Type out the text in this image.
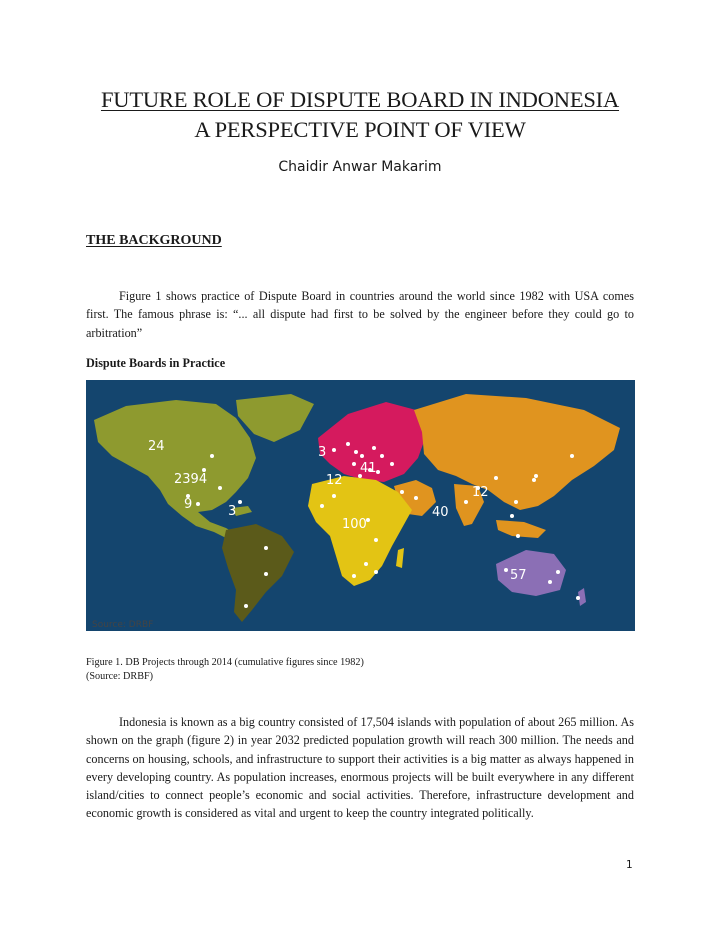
FUTURE ROLE OF DISPUTE BOARD IN INDONESIA
A PERSPECTIVE POINT OF VIEW
Chaidir Anwar Makarim
THE BACKGROUND

Figure 1 shows practice of Dispute Board in countries around the world since 1982 with USA comes first. The famous phrase is: “... all dispute had first to be solved by the engineer before they could go to arbitration”

Dispute Boards in Practice
24
2394
9	3
3
41
12
100
40
12
57
Source: DRBF
Figure 1. DB Projects through 2014 (cumulative figures since 1982)
(Source: DRBF)

Indonesia is known as a big country consisted of 17,504 islands with population of about 265 million. As shown on the graph (figure 2) in year 2032 predicted population growth will reach 300 million. The needs and concerns on housing, schools, and infrastructure to support their activities is a big matter as always happened in every developing country. As population increases, enormous projects will be built everywhere in any different island/cities to connect people’s economic and social activities. Therefore, infrastructure development and economic growth is considered as vital and urgent to keep the country integrated politically.

1
